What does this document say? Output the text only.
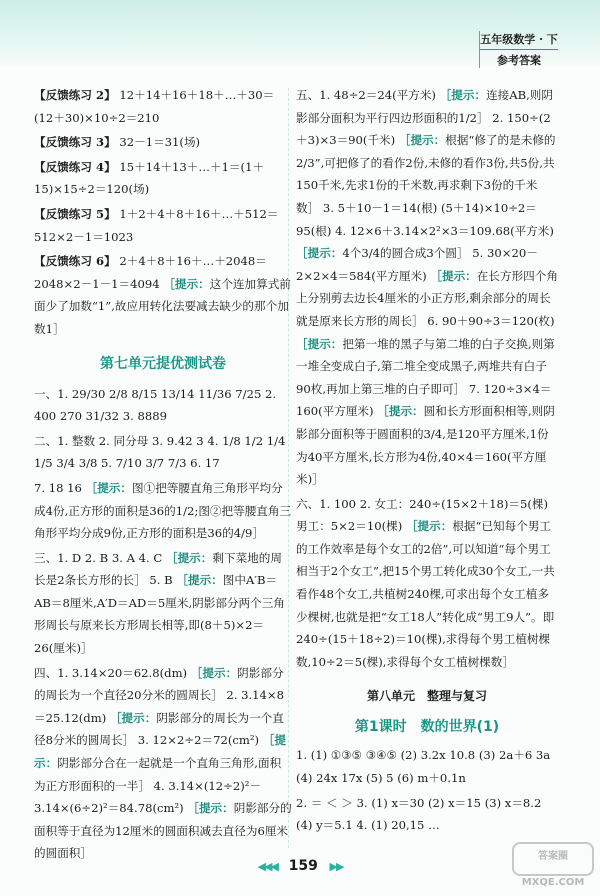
五年级数学 · 下
参考答案
【反馈练习 2】 12＋14＋16＋18＋…＋30＝(12＋30)×10÷2＝210
【反馈练习 3】 32－1＝31(场)
【反馈练习 4】 15＋14＋13＋…＋1＝(1＋15)×15÷2＝120(场)
【反馈练习 5】 1＋2＋4＋8＋16＋…＋512＝512×2－1＝1023
【反馈练习 6】 2＋4＋8＋16＋…＋2048＝2048×2－1－1＝4094 ［提示：这个连加算式前面少了加数“1”,故应用转化法要减去缺少的那个加数1］
第七单元提优测试卷
一、1. 29/30 2/8 8/15 13/14 11/36 7/25 2. 400 270 31/32 3. 8889
二、1. 整数 2. 同分母 3. 9.42 3 4. 1/8 1/2 1/4 1/5 3/4 3/8 5. 7/10 3/7 7/3 6. 17
7. 18 16 ［提示：图①把等腰直角三角形平均分成4份,正方形的面积是36的1/2;图②把等腰直角三角形平均分成9份,正方形的面积是36的4/9］
三、1. D 2. B 3. A 4. C ［提示：剩下菜地的周长是2条长方形的长］ 5. B ［提示：图中A′B＝AB＝8厘米,A′D＝AD＝5厘米,阴影部分两个三角形周长与原来长方形周长相等,即(8＋5)×2＝26(厘米)］
四、1. 3.14×20＝62.8(dm) ［提示：阴影部分的周长为一个直径20分米的圆周长］ 2. 3.14×8＝25.12(dm) ［提示：阴影部分的周长为一个直径8分米的圆周长］ 3. 12×2÷2＝72(cm²) ［提示：阴影部分合在一起就是一个直角三角形,面积为正方形面积的一半］ 4. 3.14×(12÷2)²－3.14×(6÷2)²＝84.78(cm²) ［提示：阴影部分的面积等于直径为12厘米的圆面积减去直径为6厘米的圆面积］
五、1. 48÷2＝24(平方米) ［提示：连接AB,则阴影部分面积为平行四边形面积的1/2］ 2. 150÷(2＋3)×3＝90(千米) ［提示：根据“修了的是未修的2/3”,可把修了的看作2份,未修的看作3份,共5份,共150千米,先求1份的千米数,再求剩下3份的千米数］ 3. 5＋10－1＝14(根) (5＋14)×10÷2＝95(根) 4. 12×6＋3.14×2²×3＝109.68(平方米) ［提示：4个3/4的圆合成3个圆］ 5. 30×20－2×2×4＝584(平方厘米) ［提示：在长方形四个角上分别剪去边长4厘米的小正方形,剩余部分的周长就是原来长方形的周长］ 6. 90＋90÷3＝120(枚) ［提示：把第一堆的黑子与第二堆的白子交换,则第一堆全变成白子,第二堆全变成黑子,两堆共有白子90枚,再加上第三堆的白子即可］ 7. 120÷3×4＝160(平方厘米) ［提示：圆和长方形面积相等,则阴影部分面积等于圆面积的3/4,是120平方厘米,1份为40平方厘米,长方形为4份,40×4＝160(平方厘米)］
六、1. 100 2. 女工：240÷(15×2＋18)＝5(棵) 男工：5×2＝10(棵) ［提示：根据“已知每个男工的工作效率是每个女工的2倍”,可以知道“每个男工相当于2个女工”,把15个男工转化成30个女工,一共看作48个女工,共植树240棵,可求出每个女工植多少棵树,也就是把“女工18人”转化成“男工9人”。即240÷(15＋18÷2)＝10(棵),求得每个男工植树棵数,10÷2＝5(棵),求得每个女工植树棵数］
第八单元　整理与复习
第1课时　数的世界(1)
1. (1) ①③⑤ ③④⑤ (2) 3.2x 10.8 (3) 2a＋6 3a (4) 24x 17x (5) 5 (6) m＋0.1n
2. ＝ ＜ ＞ 3. (1) x＝30 (2) x＝15 (3) x＝8.2 (4) y＝5.1 4. (1) 20,15 …
◀◀◀ 159 ▶▶
答案圈 MXQE.COM
